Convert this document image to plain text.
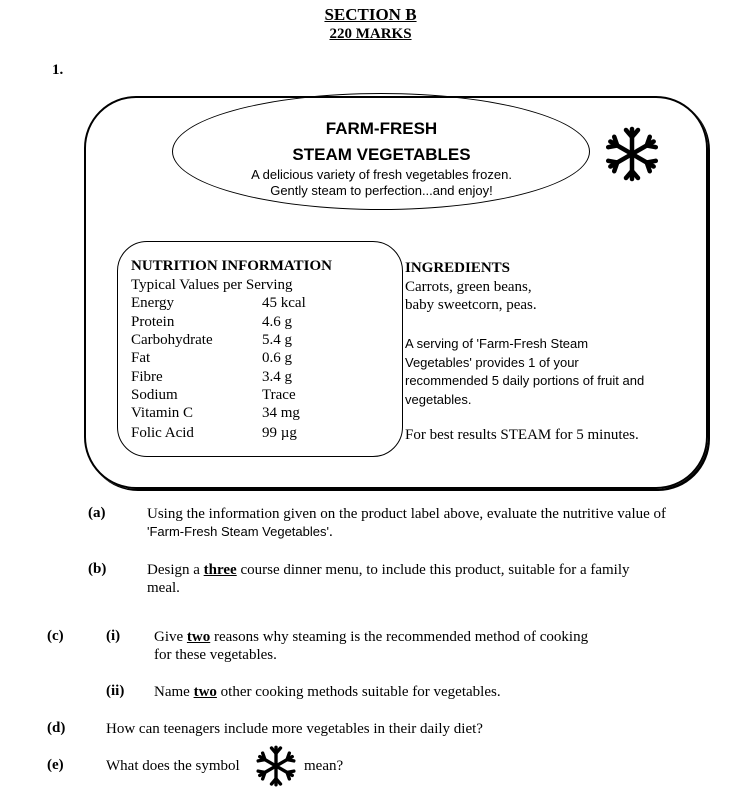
SECTION B
220 MARKS
1.
FARM-FRESH
STEAM VEGETABLES
A delicious variety of fresh vegetables frozen.
Gently steam to perfection...and enjoy!
NUTRITION INFORMATION
Typical Values per Serving
Energy	45 kcal
Protein	4.6 g
Carbohydrate	5.4 g
Fat	0.6 g
Fibre	3.4 g
Sodium	Trace
Vitamin C	34 mg
Folic Acid	99 µg
INGREDIENTS
Carrots, green beans,
baby sweetcorn, peas.
A serving of 'Farm-Fresh Steam Vegetables' provides 1 of your recommended 5 daily portions of fruit and vegetables.
For best results STEAM for 5 minutes.
(a)	Using the information given on the product label above, evaluate the nutritive value of
'Farm-Fresh Steam Vegetables'.
(b)	Design a three course dinner menu, to include this product, suitable for a family
meal.
(c)	(i) Give two reasons why steaming is the recommended method of cooking
for these vegetables.
(ii) Name two other cooking methods suitable for vegetables.
(d)	How can teenagers include more vegetables in their daily diet?
(e)	What does the symbol	mean?
